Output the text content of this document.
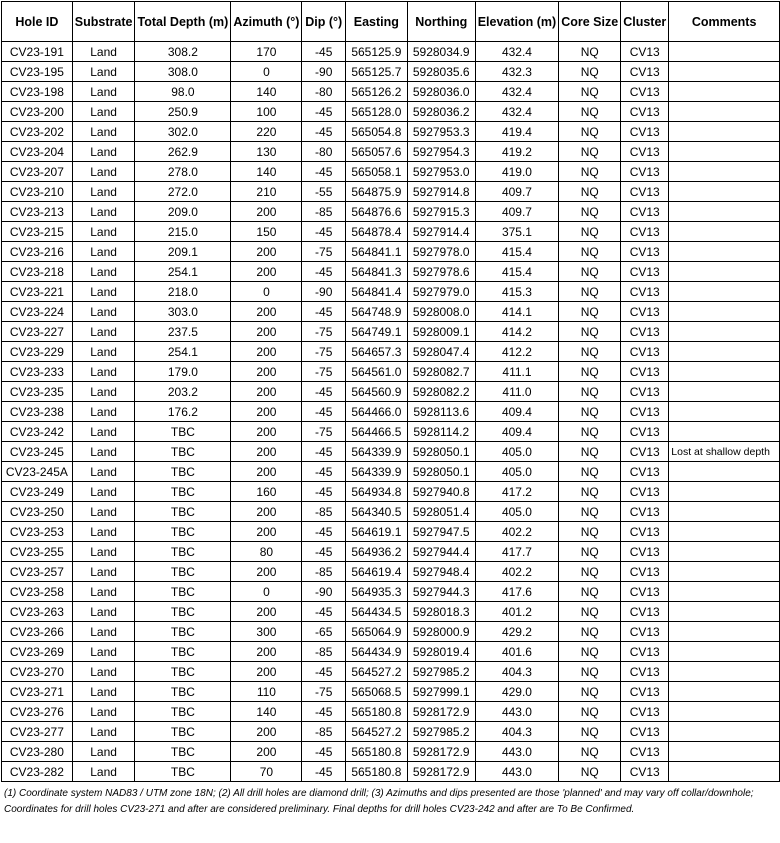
Hole ID	Substrate	Total Depth (m)	Azimuth (°)	Dip (°)	Easting	Northing	Elevation (m)	Core Size	Cluster	Comments
CV23-191	Land	308.2	170	-45	565125.9	5928034.9	432.4	NQ	CV13	
CV23-195	Land	308.0	0	-90	565125.7	5928035.6	432.3	NQ	CV13	
CV23-198	Land	98.0	140	-80	565126.2	5928036.0	432.4	NQ	CV13	
CV23-200	Land	250.9	100	-45	565128.0	5928036.2	432.4	NQ	CV13	
CV23-202	Land	302.0	220	-45	565054.8	5927953.3	419.4	NQ	CV13	
CV23-204	Land	262.9	130	-80	565057.6	5927954.3	419.2	NQ	CV13	
CV23-207	Land	278.0	140	-45	565058.1	5927953.0	419.0	NQ	CV13	
CV23-210	Land	272.0	210	-55	564875.9	5927914.8	409.7	NQ	CV13	
CV23-213	Land	209.0	200	-85	564876.6	5927915.3	409.7	NQ	CV13	
CV23-215	Land	215.0	150	-45	564878.4	5927914.4	375.1	NQ	CV13	
CV23-216	Land	209.1	200	-75	564841.1	5927978.0	415.4	NQ	CV13	
CV23-218	Land	254.1	200	-45	564841.3	5927978.6	415.4	NQ	CV13	
CV23-221	Land	218.0	0	-90	564841.4	5927979.0	415.3	NQ	CV13	
CV23-224	Land	303.0	200	-45	564748.9	5928008.0	414.1	NQ	CV13	
CV23-227	Land	237.5	200	-75	564749.1	5928009.1	414.2	NQ	CV13	
CV23-229	Land	254.1	200	-75	564657.3	5928047.4	412.2	NQ	CV13	
CV23-233	Land	179.0	200	-75	564561.0	5928082.7	411.1	NQ	CV13	
CV23-235	Land	203.2	200	-45	564560.9	5928082.2	411.0	NQ	CV13	
CV23-238	Land	176.2	200	-45	564466.0	5928113.6	409.4	NQ	CV13	
CV23-242	Land	TBC	200	-75	564466.5	5928114.2	409.4	NQ	CV13	
CV23-245	Land	TBC	200	-45	564339.9	5928050.1	405.0	NQ	CV13	Lost at shallow depth
CV23-245A	Land	TBC	200	-45	564339.9	5928050.1	405.0	NQ	CV13	
CV23-249	Land	TBC	160	-45	564934.8	5927940.8	417.2	NQ	CV13	
CV23-250	Land	TBC	200	-85	564340.5	5928051.4	405.0	NQ	CV13	
CV23-253	Land	TBC	200	-45	564619.1	5927947.5	402.2	NQ	CV13	
CV23-255	Land	TBC	80	-45	564936.2	5927944.4	417.7	NQ	CV13	
CV23-257	Land	TBC	200	-85	564619.4	5927948.4	402.2	NQ	CV13	
CV23-258	Land	TBC	0	-90	564935.3	5927944.3	417.6	NQ	CV13	
CV23-263	Land	TBC	200	-45	564434.5	5928018.3	401.2	NQ	CV13	
CV23-266	Land	TBC	300	-65	565064.9	5928000.9	429.2	NQ	CV13	
CV23-269	Land	TBC	200	-85	564434.9	5928019.4	401.6	NQ	CV13	
CV23-270	Land	TBC	200	-45	564527.2	5927985.2	404.3	NQ	CV13	
CV23-271	Land	TBC	110	-75	565068.5	5927999.1	429.0	NQ	CV13	
CV23-276	Land	TBC	140	-45	565180.8	5928172.9	443.0	NQ	CV13	
CV23-277	Land	TBC	200	-85	564527.2	5927985.2	404.3	NQ	CV13	
CV23-280	Land	TBC	200	-45	565180.8	5928172.9	443.0	NQ	CV13	
CV23-282	Land	TBC	70	-45	565180.8	5928172.9	443.0	NQ	CV13	
(1) Coordinate system NAD83 / UTM zone 18N; (2) All drill holes are diamond drill; (3) Azimuths and dips presented are those 'planned' and may vary off collar/downhole; Coordinates for drill holes CV23-271 and after are considered preliminary. Final depths for drill holes CV23-242 and after are To Be Confirmed.
